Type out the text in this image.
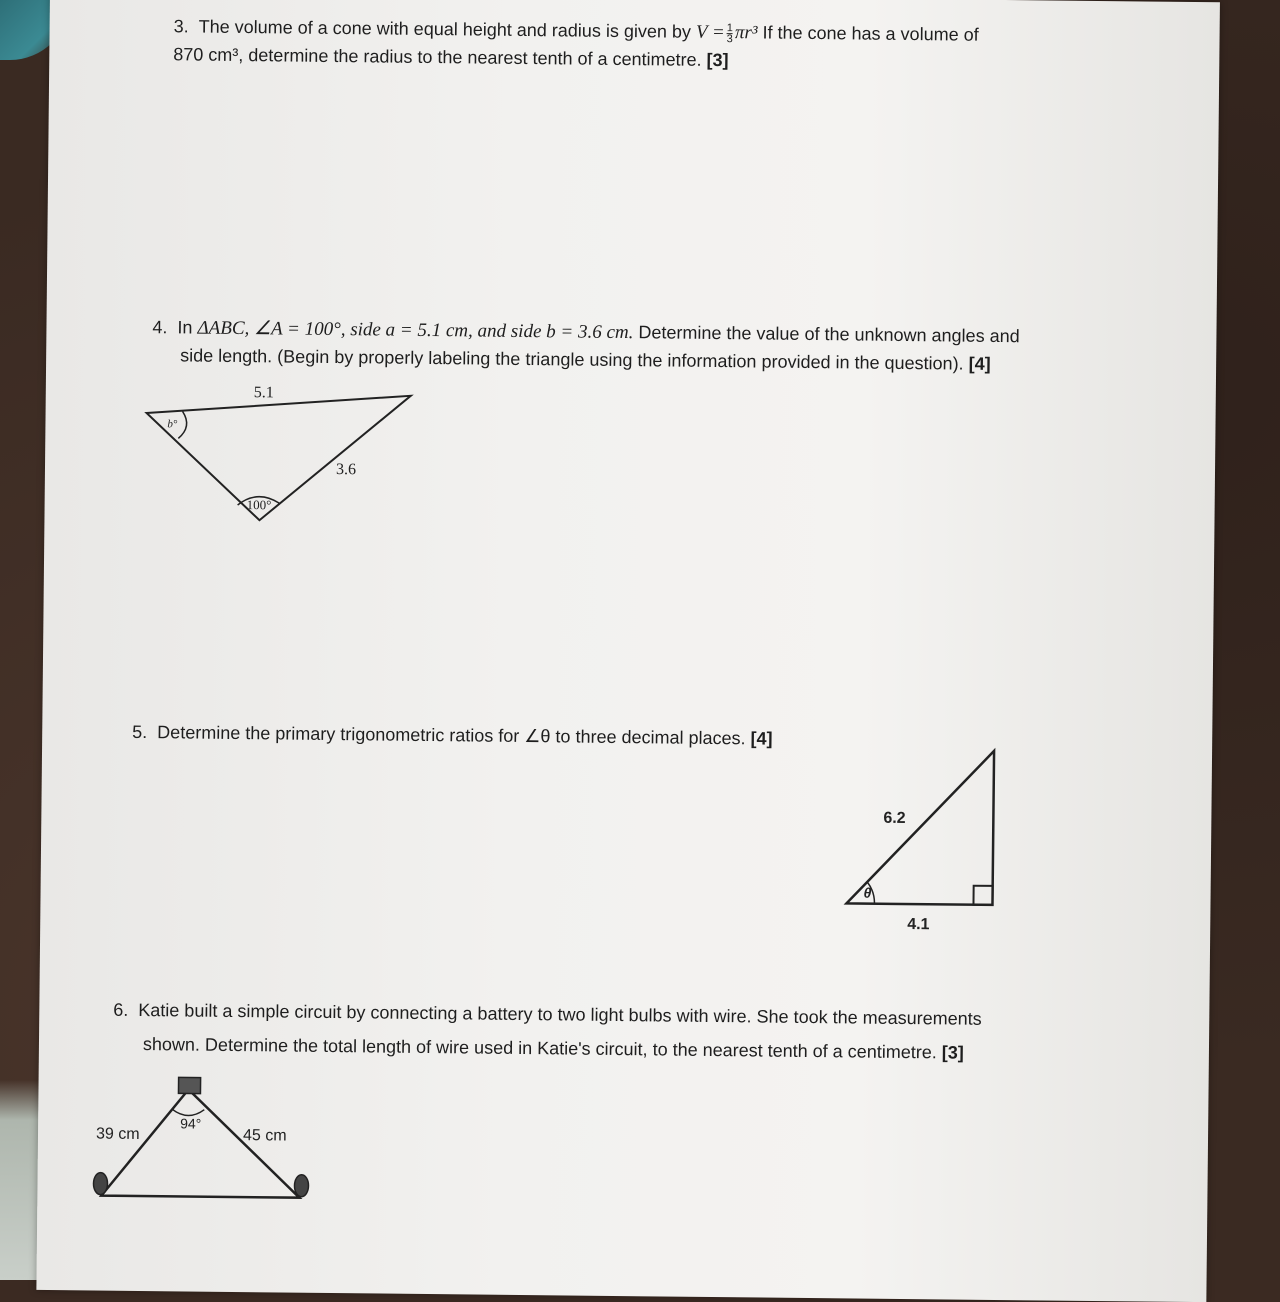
3. The volume of a cone with equal height and radius is given by $V = \frac{1}{3} \pi r^3$ If the cone has a volume of
870 cm³, determine the radius to the nearest tenth of a centimetre. [3]
4. In ΔABC, ∠A = 100°, side a = 5.1 cm, and side b = 3.6 cm. Determine the value of the unknown angles and
side length. (Begin by properly labeling the triangle using the information provided in the question). [4]
5.1
3.6
100°
b°
5. Determine the primary trigonometric ratios for ∠θ to three decimal places. [4]
6.2
4.1
θ
6. Katie built a simple circuit by connecting a battery to two light bulbs with wire. She took the measurements
shown. Determine the total length of wire used in Katie's circuit, to the nearest tenth of a centimetre. [3]
39 cm	45 cm
94°
